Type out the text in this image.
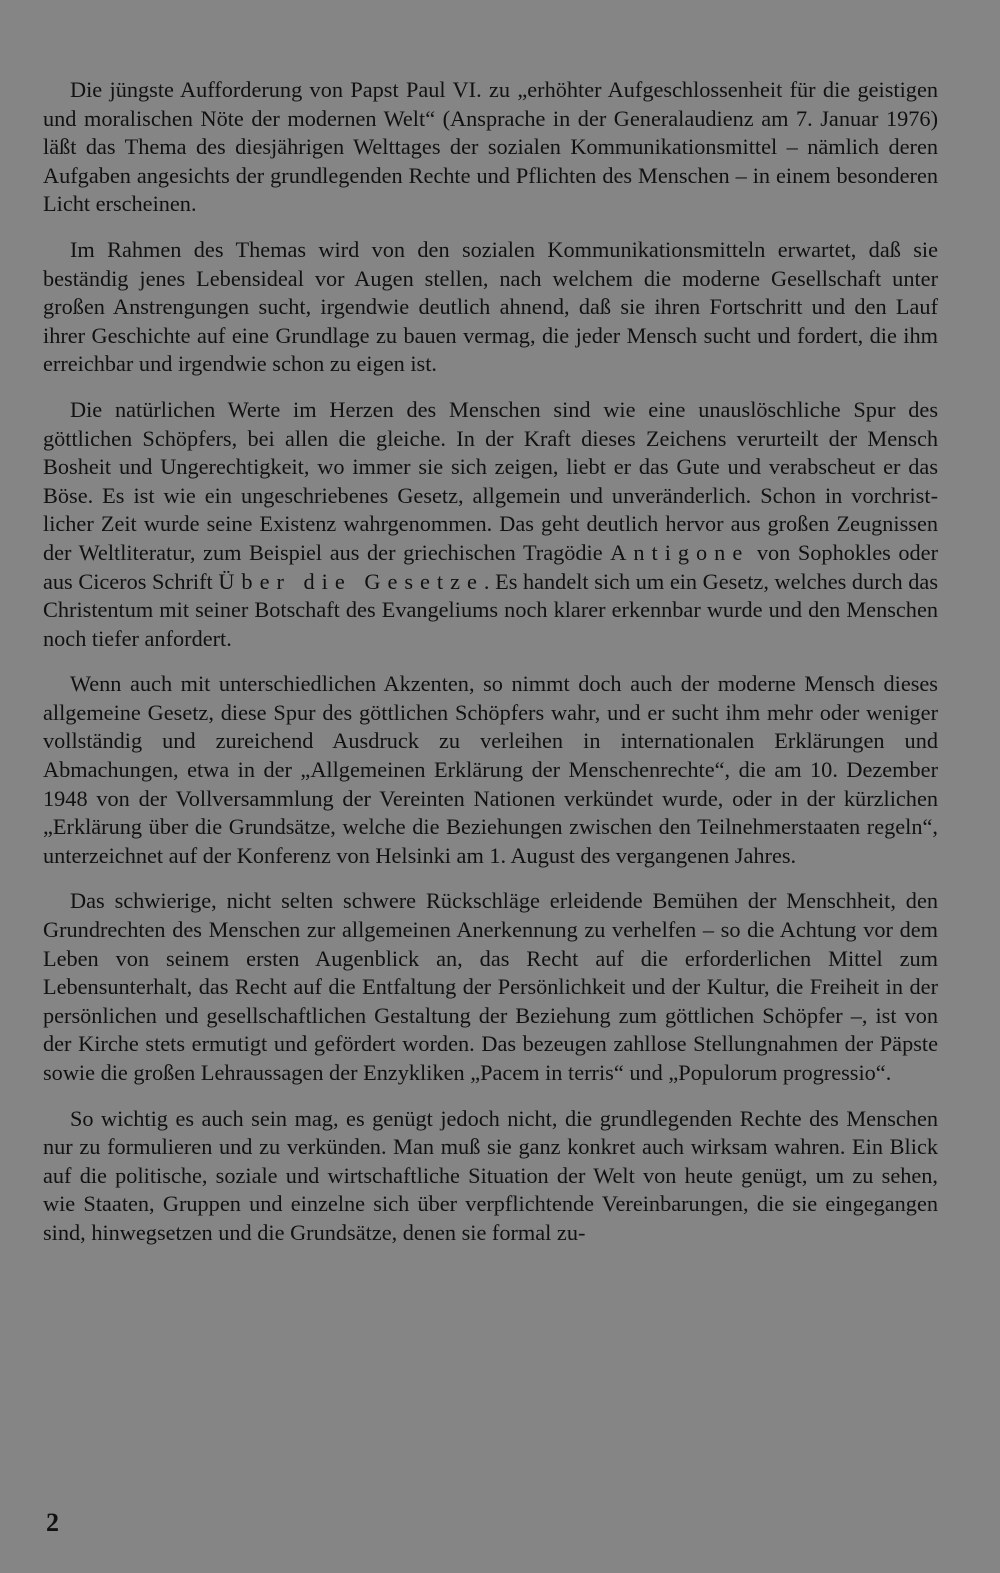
Die jüngste Aufforderung von Papst Paul VI. zu „erhöhter Aufgeschlossenheit für die geistigen und moralischen Nöte der modernen Welt“ (Ansprache in der Generalaudienz am 7. Januar 1976) läßt das Thema des diesjährigen Welttages der sozialen Kommunikationsmittel – nämlich deren Aufgaben angesichts der grundlegenden Rechte und Pflichten des Menschen – in einem besonderen Licht erscheinen.

Im Rahmen des Themas wird von den sozialen Kommunikationsmitteln erwartet, daß sie beständig jenes Lebensideal vor Augen stellen, nach welchem die moderne Gesellschaft unter großen Anstrengungen sucht, irgendwie deutlich ahnend, daß sie ihren Fortschritt und den Lauf ihrer Geschichte auf eine Grundlage zu bauen vermag, die jeder Mensch sucht und fordert, die ihm erreichbar und irgendwie schon zu eigen ist.

Die natürlichen Werte im Herzen des Menschen sind wie eine unauslöschliche Spur des göttlichen Schöpfers, bei allen die gleiche. In der Kraft dieses Zeichens verurteilt der Mensch Bosheit und Ungerechtigkeit, wo immer sie sich zeigen, liebt er das Gute und verabscheut er das Böse. Es ist wie ein ungeschriebenes Gesetz, allgemein und unveränderlich. Schon in vorchristlicher Zeit wurde seine Existenz wahrgenommen. Das geht deutlich hervor aus großen Zeugnissen der Weltliteratur, zum Beispiel aus der griechischen Tragödie Antigone von Sophokles oder aus Ciceros Schrift Über die Gesetze. Es handelt sich um ein Gesetz, welches durch das Christentum mit seiner Botschaft des Evangeliums noch klarer erkennbar wurde und den Menschen noch tiefer anfordert.

Wenn auch mit unterschiedlichen Akzenten, so nimmt doch auch der moderne Mensch dieses allgemeine Gesetz, diese Spur des göttlichen Schöpfers wahr, und er sucht ihm mehr oder weniger vollständig und zureichend Ausdruck zu verleihen in internationalen Erklärungen und Abmachungen, etwa in der „Allgemeinen Erklärung der Menschenrechte“, die am 10. Dezember 1948 von der Vollversammlung der Vereinten Nationen verkündet wurde, oder in der kürzlichen „Erklärung über die Grundsätze, welche die Beziehungen zwischen den Teilnehmerstaaten regeln“, unterzeichnet auf der Konferenz von Helsinki am 1. August des vergangenen Jahres.

Das schwierige, nicht selten schwere Rückschläge erleidende Bemühen der Menschheit, den Grundrechten des Menschen zur allgemeinen Anerkennung zu verhelfen – so die Achtung vor dem Leben von seinem ersten Augenblick an, das Recht auf die erforderlichen Mittel zum Lebensunterhalt, das Recht auf die Entfaltung der Persönlichkeit und der Kultur, die Freiheit in der persönlichen und gesellschaftlichen Gestaltung der Beziehung zum göttlichen Schöpfer –, ist von der Kirche stets ermutigt und gefördert worden. Das bezeugen zahllose Stellungnahmen der Päpste sowie die großen Lehraussagen der Enzykliken „Pacem in terris“ und „Populorum progressio“.

So wichtig es auch sein mag, es genügt jedoch nicht, die grundlegenden Rechte des Menschen nur zu formulieren und zu verkünden. Man muß sie ganz konkret auch wirksam wahren. Ein Blick auf die politische, soziale und wirtschaftliche Situation der Welt von heute genügt, um zu sehen, wie Staaten, Gruppen und einzelne sich über verpflichtende Vereinbarungen, die sie eingegangen sind, hinwegsetzen und die Grundsätze, denen sie formal zu-

2
